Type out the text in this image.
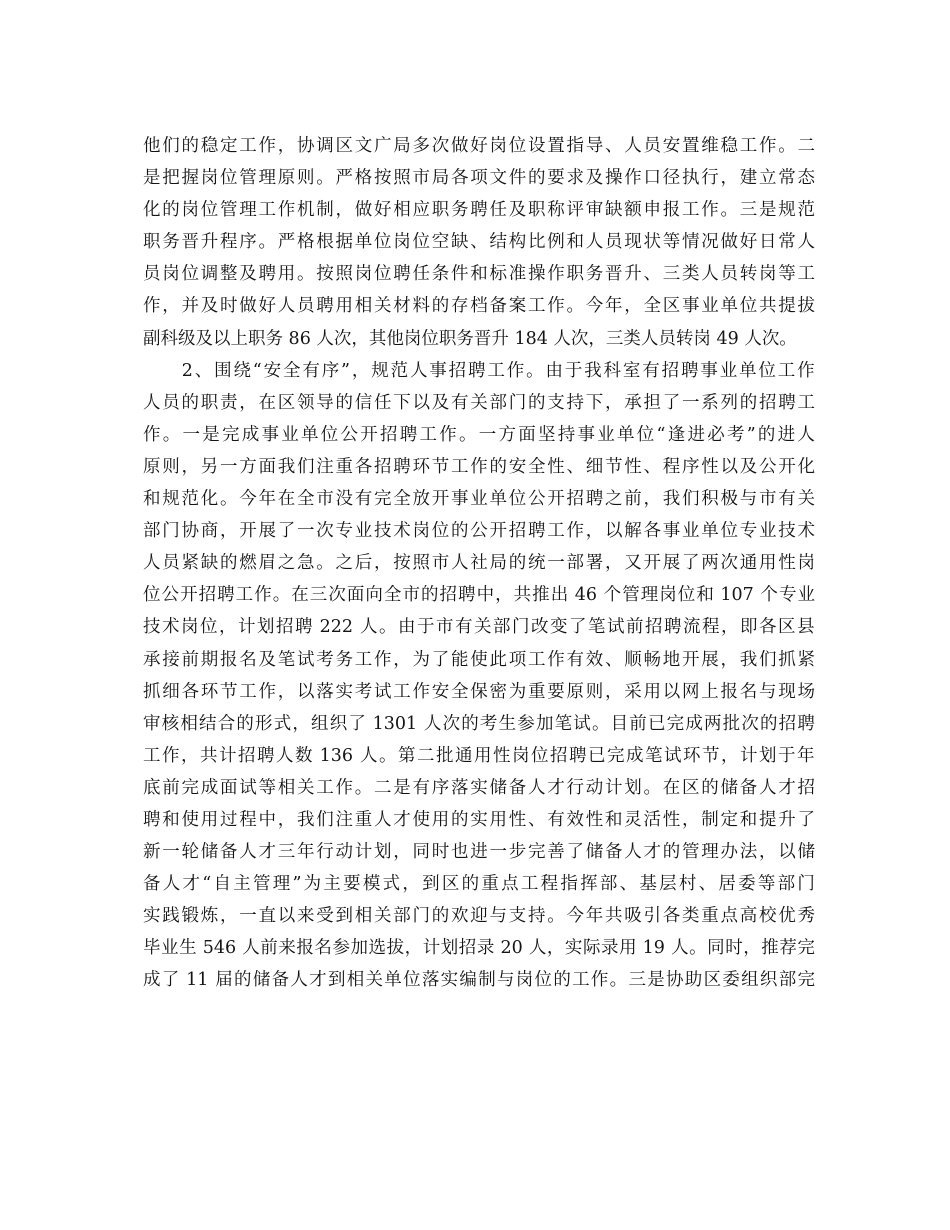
他 们 的 稳 定 工 作 ， 协 调 区 文 广 局 多 次 做 好 岗 位 设 置 指 导 、 人 员 安 置 维 稳 工 作 。 二
是 把 握 岗 位 管 理 原 则 。 严 格 按 照 市 局 各 项 文 件 的 要 求 及 操 作 口 径 执 行 ， 建 立 常 态
化 的 岗 位 管 理 工 作 机 制 ， 做 好 相 应 职 务 聘 任 及 职 称 评 审 缺 额 申 报 工 作 。 三 是 规 范
职 务 晋 升 程 序 。 严 格 根 据 单 位 岗 位 空 缺 、 结 构 比 例 和 人 员 现 状 等 情 况 做 好 日 常 人
员 岗 位 调 整 及 聘 用 。 按 照 岗 位 聘 任 条 件 和 标 准 操 作 职 务 晋 升 、 三 类 人 员 转 岗 等 工
作 ， 并 及 时 做 好 人 员 聘 用 相 关 材 料 的 存 档 备 案 工 作 。 今 年 ， 全 区 事 业 单 位 共 提 拔
副科级及以上职务 86 人次，其他岗位职务晋升 184 人次，三类人员转岗 49 人次。

2 、 围 绕 “ 安 全 有 序 ” ， 规 范 人 事 招 聘 工 作 。 由 于 我 科 室 有 招 聘 事 业 单 位 工 作
人 员 的 职 责 ， 在 区 领 导 的 信 任 下 以 及 有 关 部 门 的 支 持 下 ， 承 担 了 一 系 列 的 招 聘 工
作 。 一 是 完 成 事 业 单 位 公 开 招 聘 工 作 。 一 方 面 坚 持 事 业 单 位 “ 逢 进 必 考 ” 的 进 人
原 则 ， 另 一 方 面 我 们 注 重 各 招 聘 环 节 工 作 的 安 全 性 、 细 节 性 、 程 序 性 以 及 公 开 化
和 规 范 化 。 今 年 在 全 市 没 有 完 全 放 开 事 业 单 位 公 开 招 聘 之 前 ， 我 们 积 极 与 市 有 关
部 门 协 商 ， 开 展 了 一 次 专 业 技 术 岗 位 的 公 开 招 聘 工 作 ， 以 解 各 事 业 单 位 专 业 技 术
人 员 紧 缺 的 燃 眉 之 急 。 之 后 ， 按 照 市 人 社 局 的 统 一 部 署 ， 又 开 展 了 两 次 通 用 性 岗
位 公 开 招 聘 工 作 。 在 三 次 面 向 全 市 的 招 聘 中 ， 共 推 出 46 个 管 理 岗 位 和 107 个 专 业
技 术 岗 位 ， 计 划 招 聘 222 人 。 由 于 市 有 关 部 门 改 变 了 笔 试 前 招 聘 流 程 ， 即 各 区 县
承 接 前 期 报 名 及 笔 试 考 务 工 作 ， 为 了 能 使 此 项 工 作 有 效 、 顺 畅 地 开 展 ， 我 们 抓 紧
抓 细 各 环 节 工 作 ， 以 落 实 考 试 工 作 安 全 保 密 为 重 要 原 则 ， 采 用 以 网 上 报 名 与 现 场
审 核 相 结 合 的 形 式 ， 组 织 了 1301 人 次 的 考 生 参 加 笔 试 。 目 前 已 完 成 两 批 次 的 招 聘
工 作 ， 共 计 招 聘 人 数 136 人 。 第 二 批 通 用 性 岗 位 招 聘 已 完 成 笔 试 环 节 ， 计 划 于 年
底 前 完 成 面 试 等 相 关 工 作 。 二 是 有 序 落 实 储 备 人 才 行 动 计 划 。 在 区 的 储 备 人 才 招
聘 和 使 用 过 程 中 ， 我 们 注 重 人 才 使 用 的 实 用 性 、 有 效 性 和 灵 活 性 ， 制 定 和 提 升 了
新 一 轮 储 备 人 才 三 年 行 动 计 划 ， 同 时 也 进 一 步 完 善 了 储 备 人 才 的 管 理 办 法 ， 以 储
备 人 才 “ 自 主 管 理 ” 为 主 要 模 式 ， 到 区 的 重 点 工 程 指 挥 部 、 基 层 村 、 居 委 等 部 门
实 践 锻 炼 ， 一 直 以 来 受 到 相 关 部 门 的 欢 迎 与 支 持 。 今 年 共 吸 引 各 类 重 点 高 校 优 秀
毕 业 生 546 人 前 来 报 名 参 加 选 拔 ， 计 划 招 录 20 人 ， 实 际 录 用 19 人 。 同 时 ， 推 荐 完
成 了 11 届 的 储 备 人 才 到 相 关 单 位 落 实 编 制 与 岗 位 的 工 作 。 三 是 协 助 区 委 组 织 部 完
